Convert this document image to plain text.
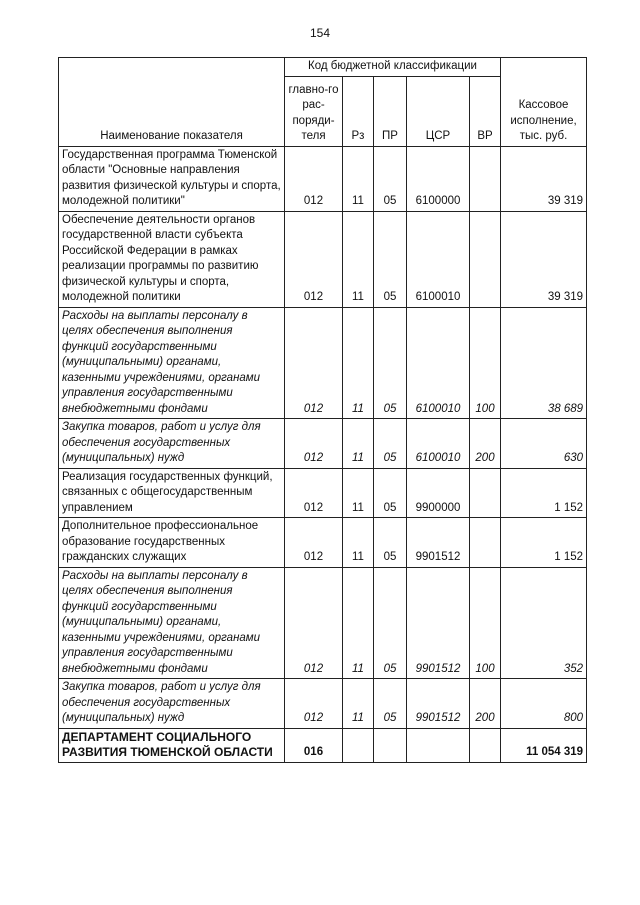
154
Наименование показателя	Код бюджетной классификации					Кассовое исполнение, тыс. руб.
	главно-го рас-поряди-теля	Рз	ПР	ЦСР	ВР	
Государственная программа Тюменской области "Основные направления развития физической культуры и спорта, молодежной политики"	012	11	05	6100000		39 319
Обеспечение деятельности органов государственной власти субъекта Российской Федерации в рамках реализации программы по развитию физической культуры и спорта, молодежной политики	012	11	05	6100010		39 319
Расходы на выплаты персоналу в целях обеспечения выполнения функций государственными (муниципальными) органами, казенными учреждениями, органами управления государственными внебюджетными фондами	012	11	05	6100010	100	38 689
Закупка товаров, работ и услуг для обеспечения государственных (муниципальных) нужд	012	11	05	6100010	200	630
Реализация государственных функций, связанных с общегосударственным управлением	012	11	05	9900000		1 152
Дополнительное профессиональное образование государственных гражданских служащих	012	11	05	9901512		1 152
Расходы на выплаты персоналу в целях обеспечения выполнения функций государственными (муниципальными) органами, казенными учреждениями, органами управления государственными внебюджетными фондами	012	11	05	9901512	100	352
Закупка товаров, работ и услуг для обеспечения государственных (муниципальных) нужд	012	11	05	9901512	200	800
ДЕПАРТАМЕНТ СОЦИАЛЬНОГО РАЗВИТИЯ ТЮМЕНСКОЙ ОБЛАСТИ	016					11 054 319
